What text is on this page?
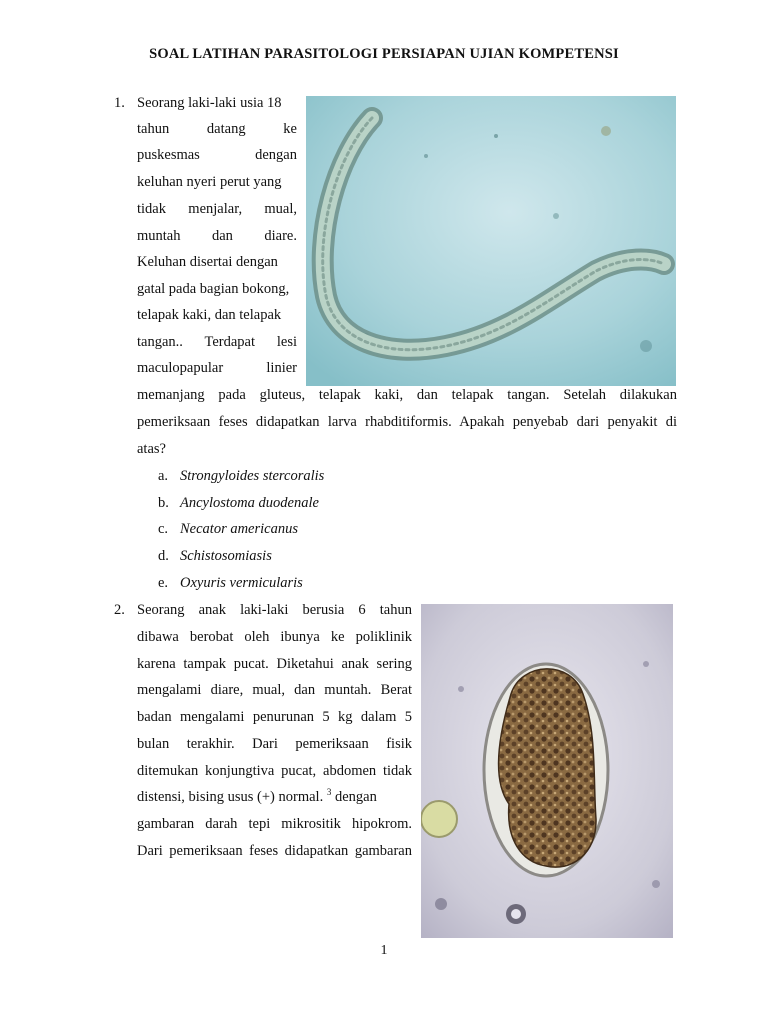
SOAL LATIHAN PARASITOLOGI PERSIAPAN UJIAN KOMPETENSI
1. Seorang laki-laki usia 18
tahun datang ke
puskesmas dengan
keluhan nyeri perut yang
tidak menjalar, mual,
muntah dan diare.
Keluhan disertai dengan
gatal pada bagian bokong,
telapak kaki, dan telapak
tangan.. Terdapat lesi
maculopapular linier
memanjang pada gluteus, telapak kaki, dan telapak tangan. Setelah dilakukan
pemeriksaan feses didapatkan larva rhabditiformis. Apakah penyebab dari penyakit di
atas?
a. Strongyloides stercoralis
b. Ancylostoma duodenale
c. Necator americanus
d. Schistosomiasis
e. Oxyuris vermicularis
2. Seorang anak laki-laki berusia 6 tahun
dibawa berobat oleh ibunya ke poliklinik
karena tampak pucat. Diketahui anak sering
mengalami diare, mual, dan muntah. Berat
badan mengalami penurunan 5 kg dalam 5
bulan terakhir. Dari pemeriksaan fisik
ditemukan konjungtiva pucat, abdomen tidak
distensi, bising usus (+) normal. $^3$ dengan
gambaran darah tepi mikrositik hipokrom.
Dari pemeriksaan feses didapatkan gambaran
1
